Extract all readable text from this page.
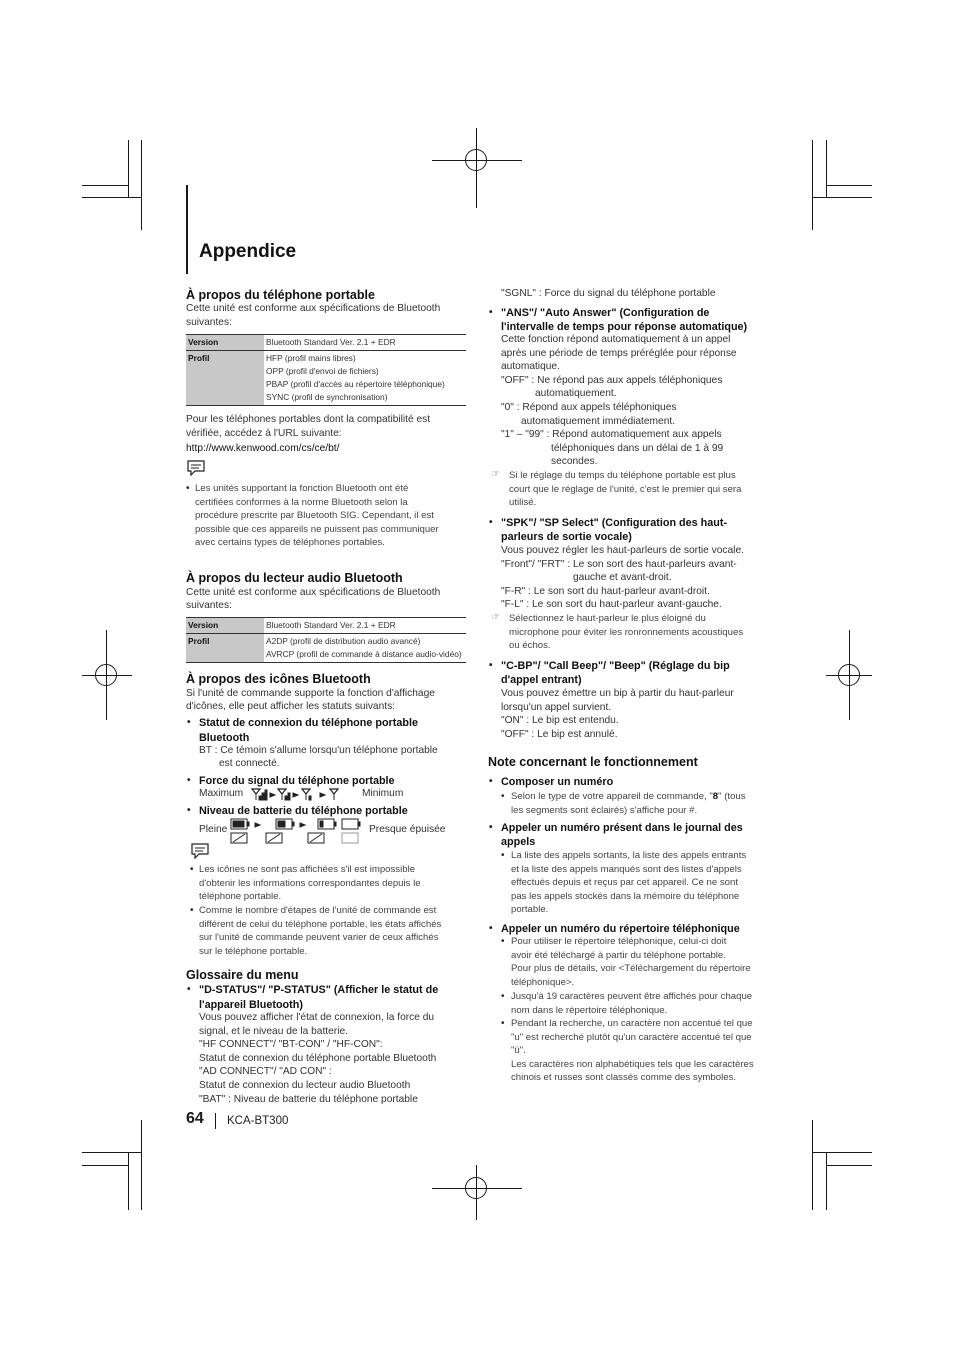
Appendice
À propos du téléphone portable
Cette unité est conforme aux spécifications de Bluetooth
suivantes:
Version	Bluetooth Standard Ver. 2.1 + EDR
Profil	HFP (profil mains libres)
OPP (profil d'envoi de fichiers)
PBAP (profil d'accès au répertoire téléphonique)
SYNC (profil de synchronisation)
Pour les téléphones portables dont la compatibilité est
vérifiée, accédez à l'URL suivante:
http://www.kenwood.com/cs/ce/bt/
• Les unités supportant la fonction Bluetooth ont été
certifiées conformes à la norme Bluetooth selon la
procédure prescrite par Bluetooth SIG. Cependant, il est
possible que ces appareils ne puissent pas communiquer
avec certains types de téléphones portables.
À propos du lecteur audio Bluetooth
Cette unité est conforme aux spécifications de Bluetooth
suivantes:
Version	Bluetooth Standard Ver. 2.1 + EDR
Profil	A2DP (profil de distribution audio avancé)
AVRCP (profil de commande à distance audio-vidéo)
À propos des icônes Bluetooth
Si l'unité de commande supporte la fonction d'affichage
d'icônes, elle peut afficher les statuts suivants:
• Statut de connexion du téléphone portable
Bluetooth
BT : Ce témoin s'allume lorsqu'un téléphone portable
est connecté.
• Force du signal du téléphone portable
Maximum	Minimum
• Niveau de batterie du téléphone portable
Pleine	Presque épuisée
• Les icônes ne sont pas affichées s'il est impossible
d'obtenir les informations correspondantes depuis le
téléphone portable.
• Comme le nombre d'étapes de l'unité de commande est
différent de celui du téléphone portable, les états affichés
sur l'unité de commande peuvent varier de ceux affichés
sur le téléphone portable.
Glossaire du menu
• "D-STATUS"/ "P-STATUS" (Afficher le statut de
l'appareil Bluetooth)
Vous pouvez afficher l'état de connexion, la force du
signal, et le niveau de la batterie.
"HF CONNECT"/ "BT-CON" / "HF-CON":
Statut de connexion du téléphone portable Bluetooth
"AD CONNECT"/ "AD CON" :
Statut de connexion du lecteur audio Bluetooth
"BAT" : Niveau de batterie du téléphone portable
64 KCA-BT300
"SGNL" : Force du signal du téléphone portable
• "ANS"/ "Auto Answer" (Configuration de
l'intervalle de temps pour réponse automatique)
Cette fonction répond automatiquement à un appel
après une période de temps préréglée pour réponse
automatique.
"OFF" : Ne répond pas aux appels téléphoniques
automatiquement.
"0" : Répond aux appels téléphoniques
automatiquement immédiatement.
"1" – "99" : Répond automatiquement aux appels
téléphoniques dans un délai de 1 à 99
secondes.
☞ Si le réglage du temps du téléphone portable est plus
court que le réglage de l'unité, c'est le premier qui sera
utilisé.
• "SPK"/ "SP Select" (Configuration des haut-
parleurs de sortie vocale)
Vous pouvez régler les haut-parleurs de sortie vocale.
"Front"/ "FRT" : Le son sort des haut-parleurs avant-
gauche et avant-droit.
"F-R" : Le son sort du haut-parleur avant-droit.
"F-L" : Le son sort du haut-parleur avant-gauche.
☞ Sélectionnez le haut-parleur le plus éloigné du
microphone pour éviter les ronronnements acoustiques
ou échos.
• "C-BP"/ "Call Beep"/ "Beep" (Réglage du bip
d'appel entrant)
Vous pouvez émettre un bip à partir du haut-parleur
lorsqu'un appel survient.
"ON" : Le bip est entendu.
"OFF" : Le bip est annulé.
Note concernant le fonctionnement
• Composer un numéro
• Selon le type de votre appareil de commande, "8" (tous
les segments sont éclairés) s'affiche pour #.
• Appeler un numéro présent dans le journal des
appels
• La liste des appels sortants, la liste des appels entrants
et la liste des appels manqués sont des listes d'appels
effectués depuis et reçus par cet appareil. Ce ne sont
pas les appels stockés dans la mémoire du téléphone
portable.
• Appeler un numéro du répertoire téléphonique
• Pour utiliser le répertoire téléphonique, celui-ci doit
avoir été téléchargé à partir du téléphone portable.
Pour plus de détails, voir <Téléchargement du répertoire
téléphonique>.
• Jusqu'à 19 caractères peuvent être affichés pour chaque
nom dans le répertoire téléphonique.
• Pendant la recherche, un caractère non accentué tel que
"u" est recherché plutôt qu'un caractère accentué tel que
"ü".
Les caractères non alphabétiques tels que les caractères
chinois et russes sont classés comme des symboles.
